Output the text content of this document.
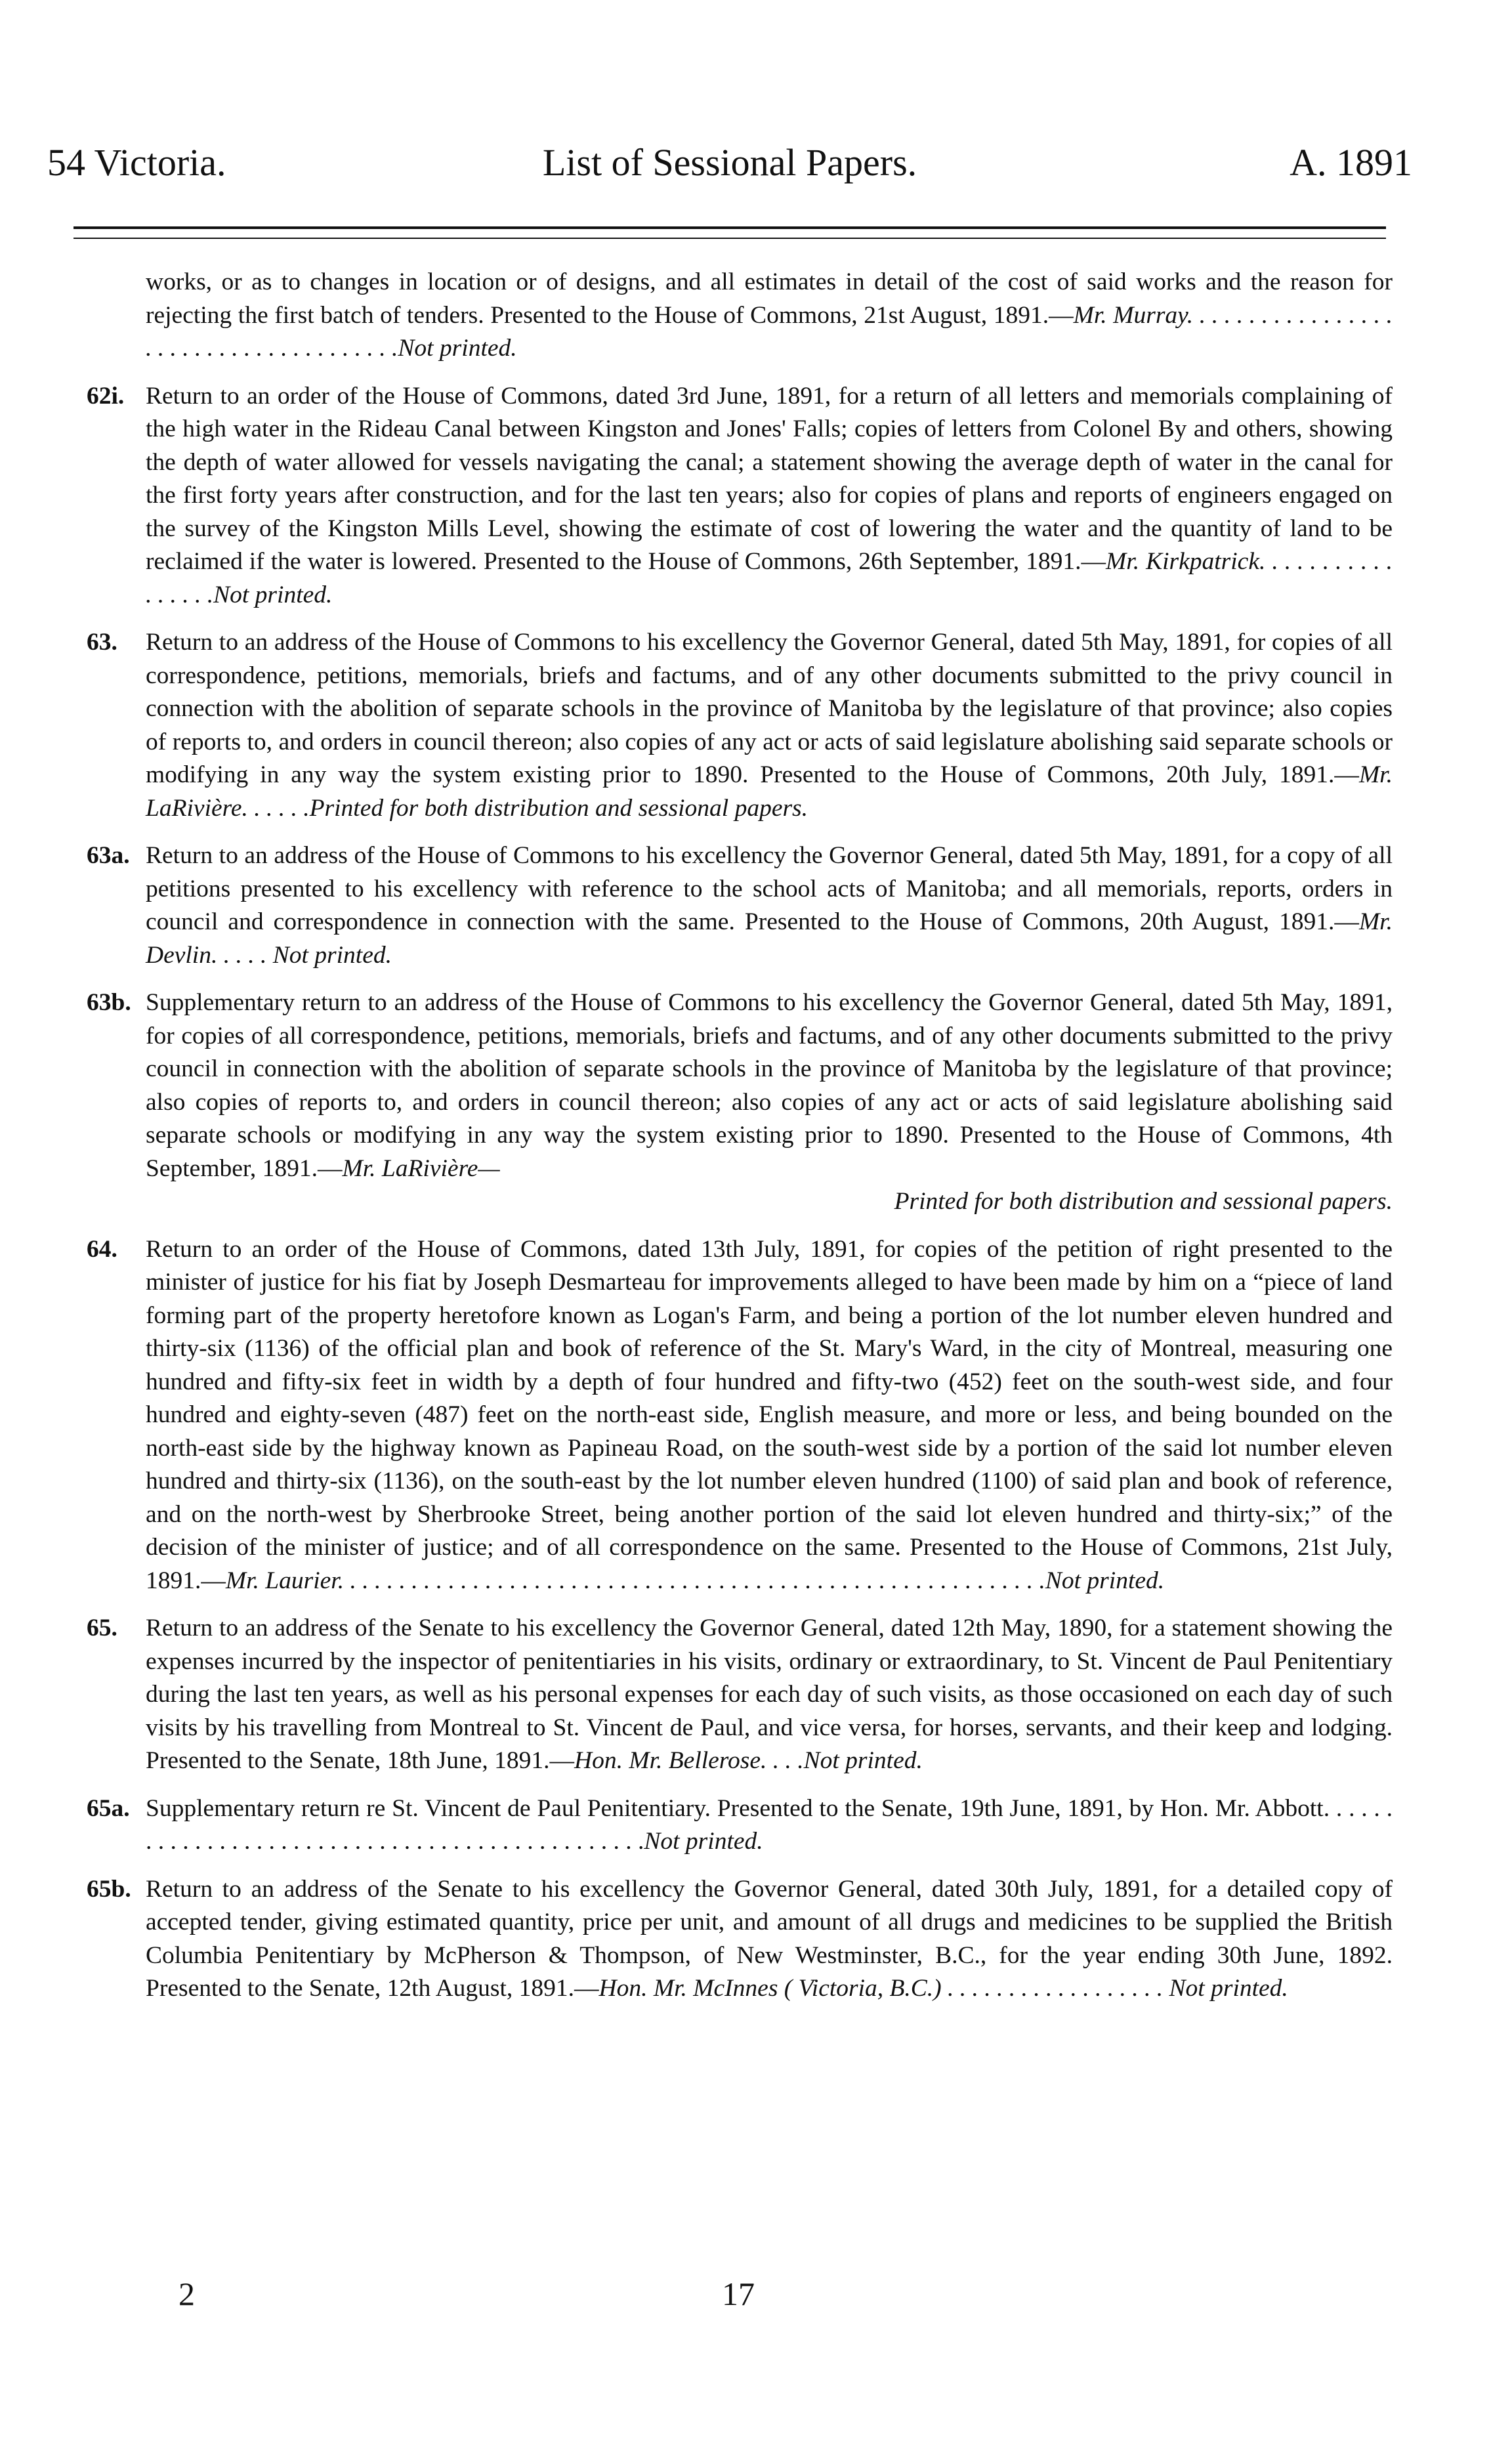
54 Victoria.	List of Sessional Papers.	A. 1891
works, or as to changes in location or of designs, and all estimates in detail of the cost of said works and the reason for rejecting the first batch of tenders. Presented to the House of Commons, 21st August, 1891.—Mr. Murray. . . . . . . . . . . . . . . . . . . . . . . . . . . . . . . . . . . . . .Not printed.
62i. Return to an order of the House of Commons, dated 3rd June, 1891, for a return of all letters and memorials complaining of the high water in the Rideau Canal between Kingston and Jones' Falls; copies of letters from Colonel By and others, showing the depth of water allowed for vessels navigating the canal; a statement showing the average depth of water in the canal for the first forty years after construction, and for the last ten years; also for copies of plans and reports of engineers engaged on the survey of the Kingston Mills Level, showing the estimate of cost of lowering the water and the quantity of land to be reclaimed if the water is lowered. Presented to the House of Commons, 26th September, 1891.—Mr. Kirkpatrick. . . . . . . . . . . . . . . . .Not printed.
63. Return to an address of the House of Commons to his excellency the Governor General, dated 5th May, 1891, for copies of all correspondence, petitions, memorials, briefs and factums, and of any other documents submitted to the privy council in connection with the abolition of separate schools in the province of Manitoba by the legislature of that province; also copies of reports to, and orders in council thereon; also copies of any act or acts of said legislature abolishing said separate schools or modifying in any way the system existing prior to 1890. Presented to the House of Commons, 20th July, 1891.—Mr. LaRivière. . . . . .Printed for both distribution and sessional papers.
63a. Return to an address of the House of Commons to his excellency the Governor General, dated 5th May, 1891, for a copy of all petitions presented to his excellency with reference to the school acts of Manitoba; and all memorials, reports, orders in council and correspondence in connection with the same. Presented to the House of Commons, 20th August, 1891.—Mr. Devlin. . . . . Not printed.
63b. Supplementary return to an address of the House of Commons to his excellency the Governor General, dated 5th May, 1891, for copies of all correspondence, petitions, memorials, briefs and factums, and of any other documents submitted to the privy council in connection with the abolition of separate schools in the province of Manitoba by the legislature of that province; also copies of reports to, and orders in council thereon; also copies of any act or acts of said legislature abolishing said separate schools or modifying in any way the system existing prior to 1890. Presented to the House of Commons, 4th September, 1891.—Mr. LaRivière—
Printed for both distribution and sessional papers.
64. Return to an order of the House of Commons, dated 13th July, 1891, for copies of the petition of right presented to the minister of justice for his fiat by Joseph Desmarteau for improvements alleged to have been made by him on a “piece of land forming part of the property heretofore known as Logan's Farm, and being a portion of the lot number eleven hundred and thirty-six (1136) of the official plan and book of reference of the St. Mary's Ward, in the city of Montreal, measuring one hundred and fifty-six feet in width by a depth of four hundred and fifty-two (452) feet on the south-west side, and four hundred and eighty-seven (487) feet on the north-east side, English measure, and more or less, and being bounded on the north-east side by the highway known as Papineau Road, on the south-west side by a portion of the said lot number eleven hundred and thirty-six (1136), on the south-east by the lot number eleven hundred (1100) of said plan and book of reference, and on the north-west by Sherbrooke Street, being another portion of the said lot eleven hundred and thirty-six;” of the decision of the minister of justice; and of all correspondence on the same. Presented to the House of Commons, 21st July, 1891.—Mr. Laurier. . . . . . . . . . . . . . . . . . . . . . . . . . . . . . . . . . . . . . . . . . . . . . . . . . . . . . . . . .Not printed.
65. Return to an address of the Senate to his excellency the Governor General, dated 12th May, 1890, for a statement showing the expenses incurred by the inspector of penitentiaries in his visits, ordinary or extraordinary, to St. Vincent de Paul Penitentiary during the last ten years, as well as his personal expenses for each day of such visits, as those occasioned on each day of such visits by his travelling from Montreal to St. Vincent de Paul, and vice versa, for horses, servants, and their keep and lodging. Presented to the Senate, 18th June, 1891.—Hon. Mr. Bellerose. . . .Not printed.
65a. Supplementary return re St. Vincent de Paul Penitentiary. Presented to the Senate, 19th June, 1891, by Hon. Mr. Abbott. . . . . . . . . . . . . . . . . . . . . . . . . . . . . . . . . . . . . . . . . . . . . . .Not printed.
65b. Return to an address of the Senate to his excellency the Governor General, dated 30th July, 1891, for a detailed copy of accepted tender, giving estimated quantity, price per unit, and amount of all drugs and medicines to be supplied the British Columbia Penitentiary by McPherson & Thompson, of New Westminster, B.C., for the year ending 30th June, 1892. Presented to the Senate, 12th August, 1891.—Hon. Mr. McInnes ( Victoria, B.C.) . . . . . . . . . . . . . . . . . . Not printed.
2	17
